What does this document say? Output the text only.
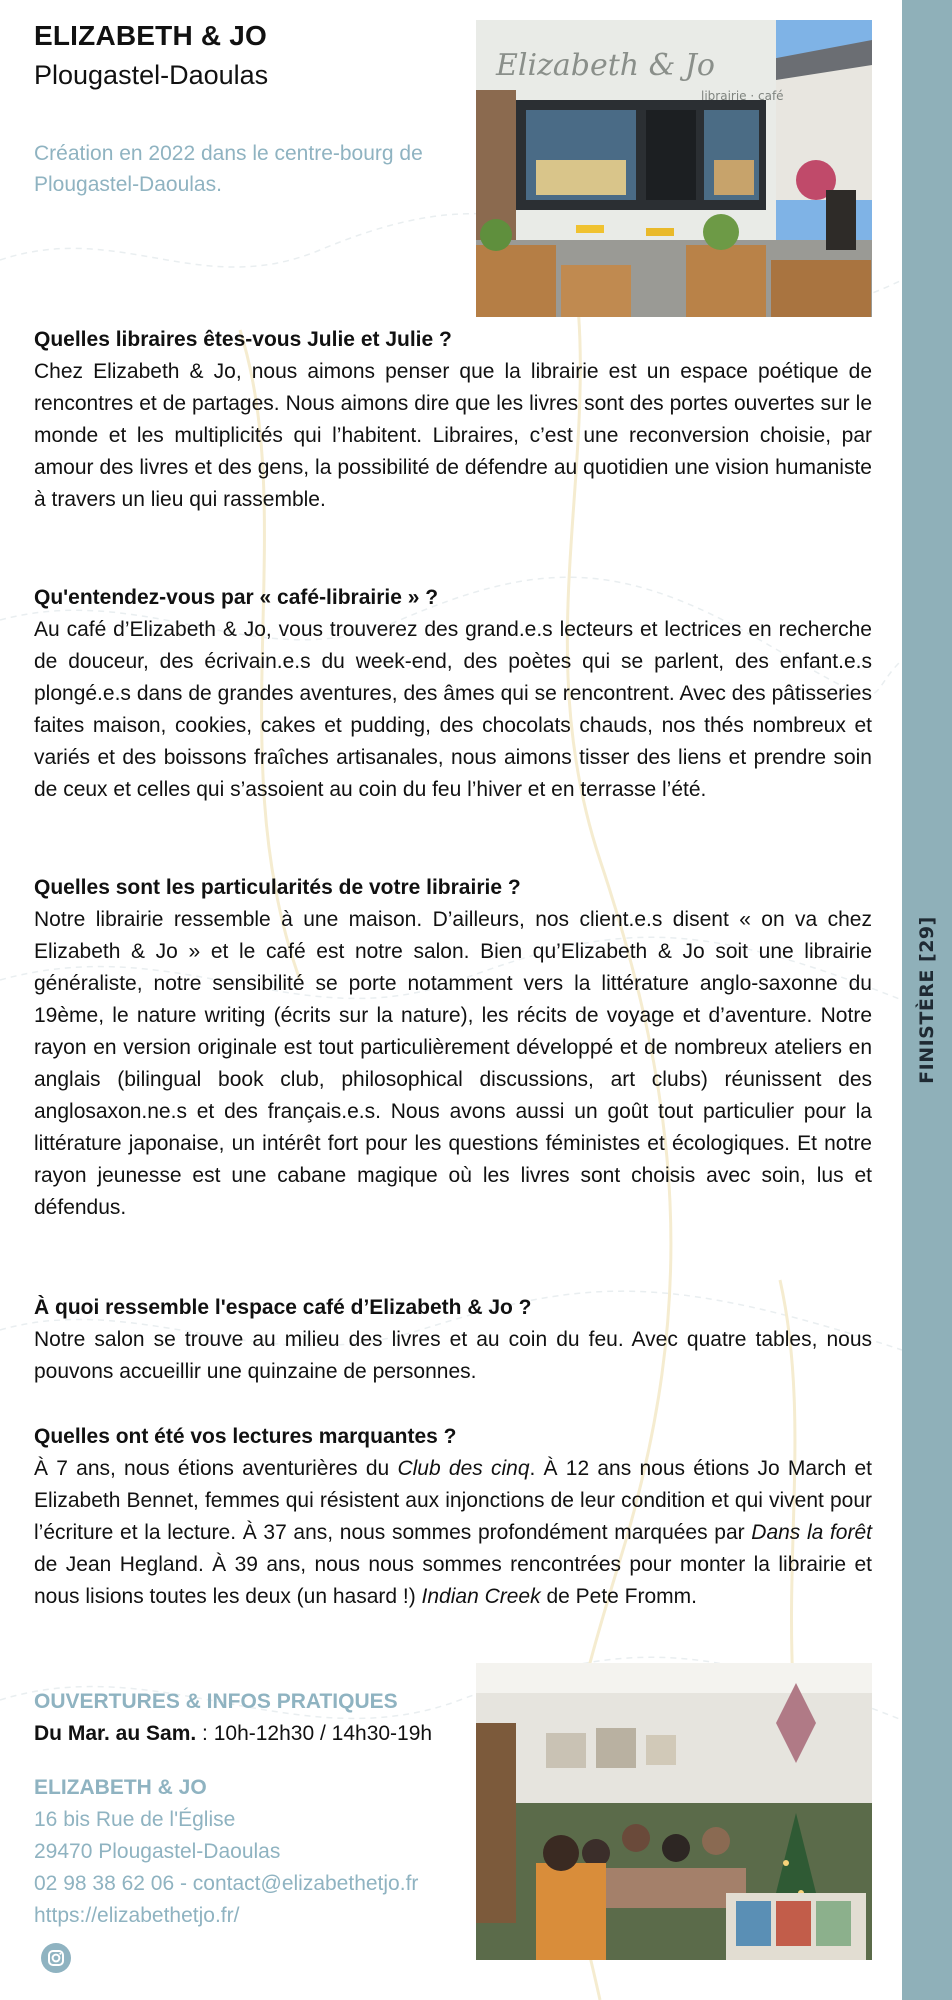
FINISTÈRE [29]
ELIZABETH & JO
Plougastel-Daoulas
Création en 2022 dans le centre-bourg de Plougastel-Daoulas.
Elizabeth & Jo
librairie · café

Quelles libraires êtes-vous Julie et Julie ?

Chez Elizabeth & Jo, nous aimons penser que la librairie est un espace poétique de rencontres et de partages. Nous aimons dire que les livres sont des portes ouvertes sur le monde et les multiplicités qui l’habitent. Libraires, c’est une reconversion choisie, par amour des livres et des gens, la possibilité de défendre au quotidien une vision humaniste à travers un lieu qui rassemble.

Qu'entendez-vous par « café-librairie » ?

Au café d’Elizabeth & Jo, vous trouverez des grand.e.s lecteurs et lectrices en recherche de douceur, des écrivain.e.s du week-end, des poètes qui se parlent, des enfant.e.s plongé.e.s dans de grandes aventures, des âmes qui se rencontrent. Avec des pâtisseries faites maison, cookies, cakes et pudding, des chocolats chauds, nos thés nombreux et variés et des boissons fraîches artisanales, nous aimons tisser des liens et prendre soin de ceux et celles qui s’assoient au coin du feu l’hiver et en terrasse l’été.

Quelles sont les particularités de votre librairie ?

Notre librairie ressemble à une maison. D’ailleurs, nos client.e.s disent « on va chez Elizabeth & Jo » et le café est notre salon. Bien qu’Elizabeth & Jo soit une librairie généraliste, notre sensibilité se porte notamment vers la littérature anglo-saxonne du 19ème, le nature writing (écrits sur la nature), les récits de voyage et d’aventure. Notre rayon en version originale est tout particulièrement développé et de nombreux ateliers en anglais (bilingual book club, philosophical discussions, art clubs) réunissent des anglosaxon.ne.s et des français.e.s. Nous avons aussi un goût tout particulier pour la littérature japonaise, un intérêt fort pour les questions féministes et écologiques. Et notre rayon jeunesse est une cabane magique où les livres sont choisis avec soin, lus et défendus.

À quoi ressemble l'espace café d’Elizabeth & Jo ?

Notre salon se trouve au milieu des livres et au coin du feu. Avec quatre tables, nous pouvons accueillir une quinzaine de personnes.

Quelles ont été vos lectures marquantes ?

À 7 ans, nous étions aventurières du Club des cinq. À 12 ans nous étions Jo March et Elizabeth Bennet, femmes qui résistent aux injonctions de leur condition et qui vivent pour l’écriture et la lecture. À 37 ans, nous sommes profondément marquées par Dans la forêt de Jean Hegland. À 39 ans, nous nous sommes rencontrées pour monter la librairie et nous lisions toutes les deux (un hasard !) Indian Creek de Pete Fromm.

OUVERTURES & INFOS PRATIQUES
Du Mar. au Sam. : 10h-12h30 / 14h30-19h
ELIZABETH & JO
16 bis Rue de l'Église
29470 Plougastel-Daoulas
02 98 38 62 06 - contact@elizabethetjo.fr
https://elizabethetjo.fr/
